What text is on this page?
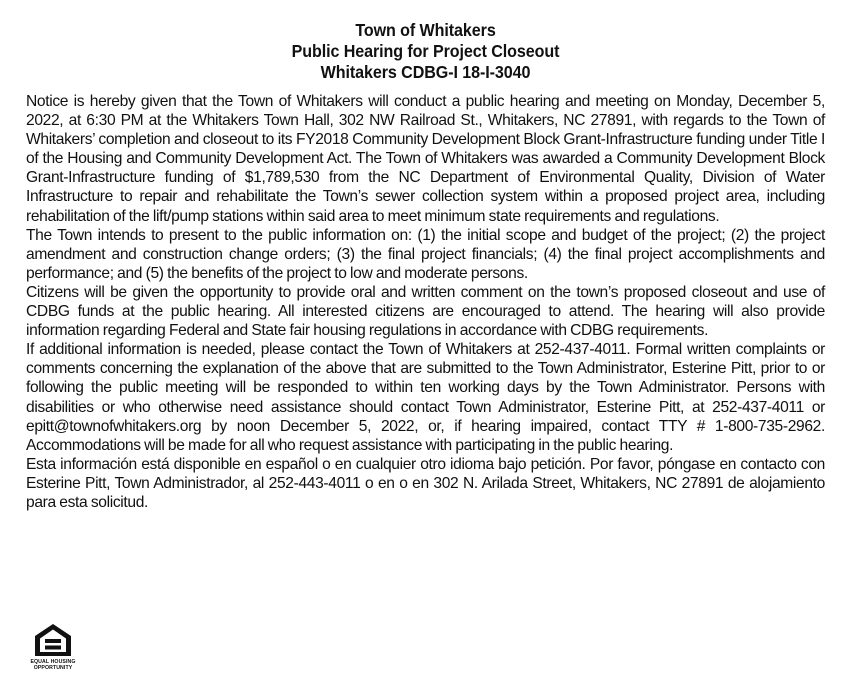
Town of Whitakers
Public Hearing for Project Closeout
Whitakers CDBG-I 18-I-3040

Notice is hereby given that the Town of Whitakers will conduct a public hearing and meeting on Monday, December 5, 2022, at 6:30 PM at the Whitakers Town Hall, 302 NW Railroad St., Whitakers, NC 27891, with regards to the Town of Whitakers’ completion and closeout to its FY2018 Community Development Block Grant-Infrastructure funding under Title I of the Housing and Community Development Act. The Town of Whitakers was awarded a Community Development Block Grant-Infrastructure funding of $1,789,530 from the NC Department of Environmental Quality, Division of Water Infrastructure to repair and rehabilitate the Town’s sewer collection system within a proposed project area, including rehabilitation of the lift/pump stations within said area to meet minimum state requirements and regulations.

The Town intends to present to the public information on: (1) the initial scope and budget of the project; (2) the project amendment and construction change orders; (3) the final project financials; (4) the final project accomplishments and performance; and (5) the benefits of the project to low and moderate persons.

Citizens will be given the opportunity to provide oral and written comment on the town’s proposed closeout and use of CDBG funds at the public hearing. All interested citizens are encouraged to attend. The hearing will also provide information regarding Federal and State fair housing regulations in accordance with CDBG requirements.

If additional information is needed, please contact the Town of Whitakers at 252-437-4011. Formal written complaints or comments concerning the explanation of the above that are submitted to the Town Administrator, Esterine Pitt, prior to or following the public meeting will be responded to within ten working days by the Town Administrator. Persons with disabilities or who otherwise need assistance should contact Town Administrator, Esterine Pitt, at 252-437-4011 or epitt@townofwhitakers.org by noon December 5, 2022, or, if hearing impaired, contact TTY # 1-800-735-2962. Accommodations will be made for all who request assistance with participating in the public hearing.

Esta información está disponible en español o en cualquier otro idioma bajo petición. Por favor, póngase en contacto con Esterine Pitt, Town Administrador, al 252-443-4011 o en o en 302 N. Arilada Street, Whitakers, NC 27891 de alojamiento para esta solicitud.

EQUAL HOUSING
OPPORTUNITY
